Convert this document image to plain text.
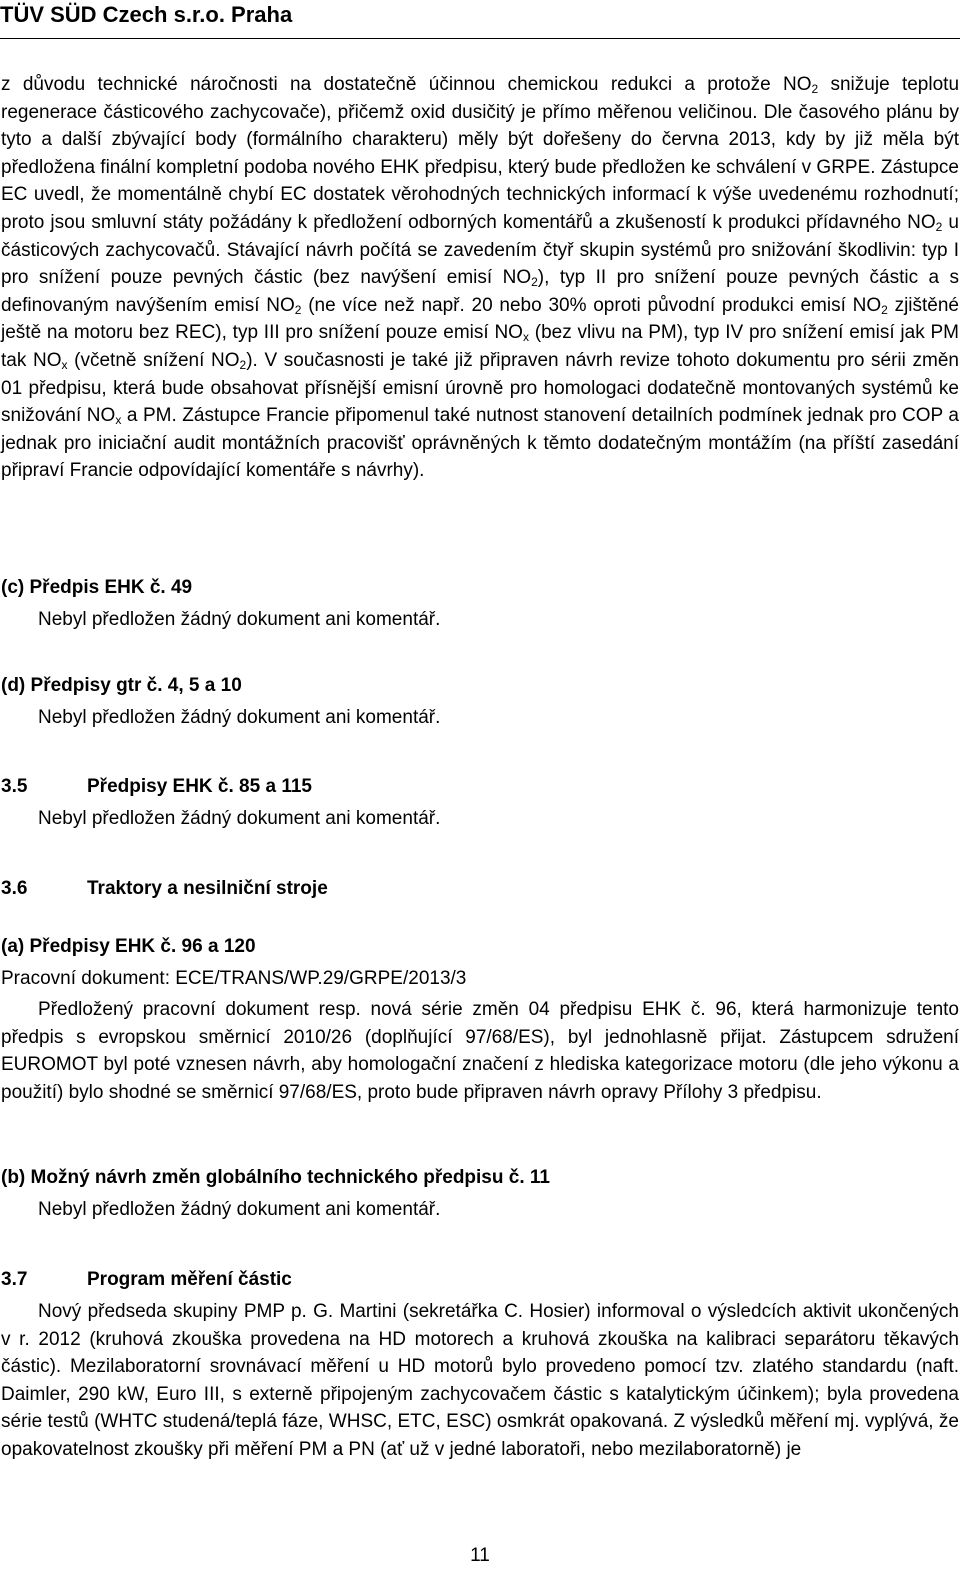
TÜV SÜD Czech s.r.o. Praha
z důvodu technické náročnosti na dostatečně účinnou chemickou redukci a protože $NO_2$ snižuje teplotu regenerace částicového zachycovače), přičemž oxid dusičitý je přímo měřenou veličinou. Dle časového plánu by tyto a další zbývající body (formálního charakteru) měly být dořešeny do června 2013, kdy by již měla být předložena finální kompletní podoba nového EHK předpisu, který bude předložen ke schválení v GRPE. Zástupce EC uvedl, že momentálně chybí EC dostatek věrohodných technických informací k výše uvedenému rozhodnutí; proto jsou smluvní státy požádány k předložení odborných komentářů a zkušeností k produkci přídavného $NO_2$ u částicových zachycovačů. Stávající návrh počítá se zavedením čtyř skupin systémů pro snižování škodlivin: typ I pro snížení pouze pevných částic (bez navýšení emisí $NO_2$), typ II pro snížení pouze pevných částic a s definovaným navýšením emisí $NO_2$ (ne více než např. 20 nebo 30% oproti původní produkci emisí $NO_2$ zjištěné ještě na motoru bez REC), typ III pro snížení pouze emisí $NO_x$ (bez vlivu na PM), typ IV pro snížení emisí jak PM tak $NO_x$ (včetně snížení $NO_2$). V současnosti je také již připraven návrh revize tohoto dokumentu pro sérii změn 01 předpisu, která bude obsahovat přísnější emisní úrovně pro homologaci dodatečně montovaných systémů ke snižování $NO_x$ a PM. Zástupce Francie připomenul také nutnost stanovení detailních podmínek jednak pro COP a jednak pro iniciační audit montážních pracovišť oprávněných k těmto dodatečným montážím (na příští zasedání připraví Francie odpovídající komentáře s návrhy).
(c) Předpis EHK č. 49
Nebyl předložen žádný dokument ani komentář.
(d) Předpisy gtr č. 4, 5 a 10
Nebyl předložen žádný dokument ani komentář.
3.5	Předpisy EHK č. 85 a 115
Nebyl předložen žádný dokument ani komentář.
3.6	Traktory a nesilniční stroje
(a) Předpisy EHK č. 96 a 120
Pracovní dokument: ECE/TRANS/WP.29/GRPE/2013/3
Předložený pracovní dokument resp. nová série změn 04 předpisu EHK č. 96, která harmonizuje tento předpis s evropskou směrnicí 2010/26 (doplňující 97/68/ES), byl jednohlasně přijat. Zástupcem sdružení EUROMOT byl poté vznesen návrh, aby homologační značení z hlediska kategorizace motoru (dle jeho výkonu a použití) bylo shodné se směrnicí 97/68/ES, proto bude připraven návrh opravy Přílohy 3 předpisu.
(b) Možný návrh změn globálního technického předpisu č. 11
Nebyl předložen žádný dokument ani komentář.
3.7	Program měření částic
Nový předseda skupiny PMP p. G. Martini (sekretářka C. Hosier) informoval o výsledcích aktivit ukončených v r. 2012 (kruhová zkouška provedena na HD motorech a kruhová zkouška na kalibraci separátoru těkavých částic). Mezilaboratorní srovnávací měření u HD motorů bylo provedeno pomocí tzv. zlatého standardu (naft. Daimler, 290 kW, Euro III, s externě připojeným zachycovačem částic s katalytickým účinkem); byla provedena série testů (WHTC studená/teplá fáze, WHSC, ETC, ESC) osmkrát opakovaná. Z výsledků měření mj. vyplývá, že opakovatelnost zkoušky při měření PM a PN (ať už v jedné laboratoři, nebo mezilaboratorně) je
11
